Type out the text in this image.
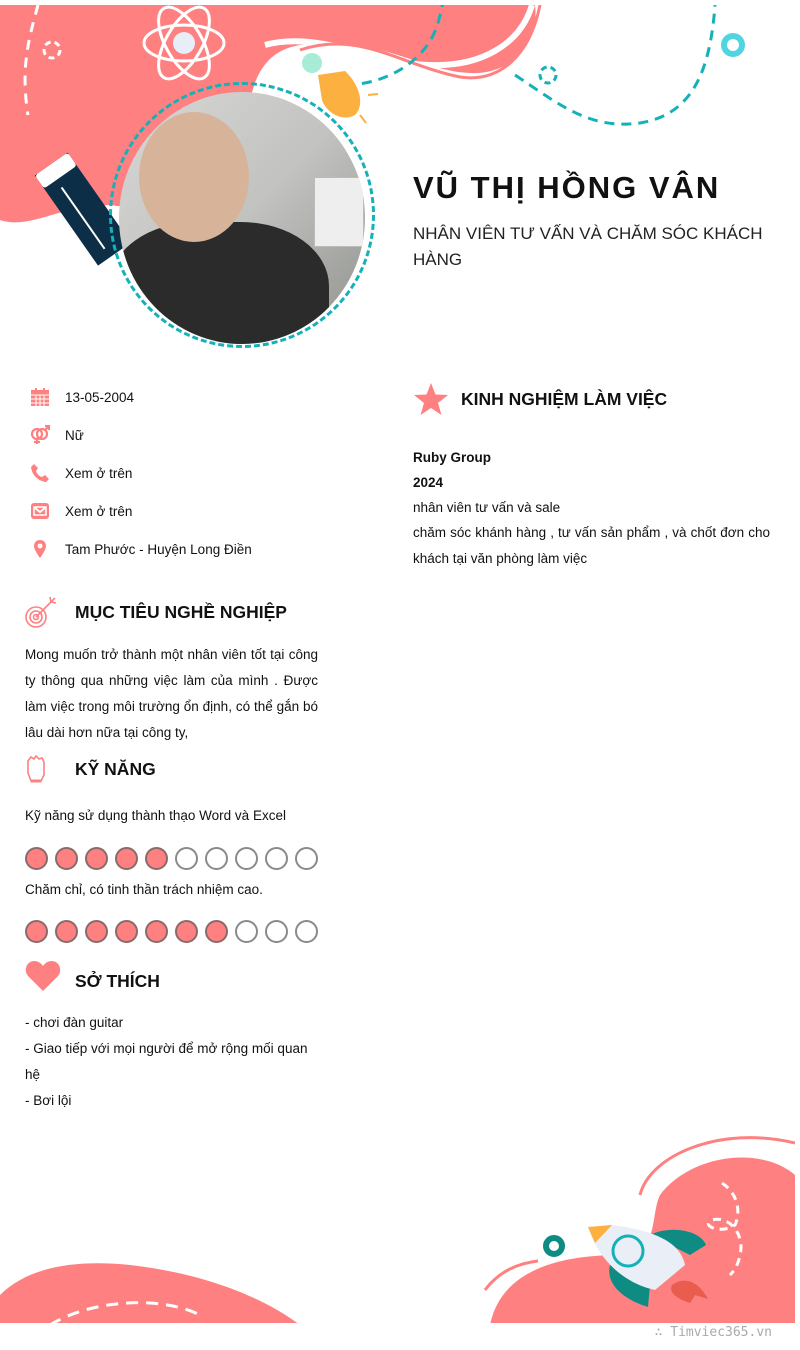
VŨ THỊ HỒNG VÂN
NHÂN VIÊN TƯ VẤN VÀ CHĂM SÓC KHÁCH HÀNG
13-05-2004
Nữ
Xem ở trên
Xem ở trên
Tam Phước - Huyện Long Điền
MỤC TIÊU NGHỀ NGHIỆP
Mong muốn trở thành một nhân viên tốt tại công ty thông qua những việc làm của mình . Được làm việc trong môi trường ổn định, có thể gắn bó lâu dài hơn nữa tại công ty,
KỸ NĂNG
Kỹ năng sử dụng thành thạo Word và Excel
Chăm chỉ, có tinh thần trách nhiệm cao.
SỞ THÍCH
- chơi đàn guitar
- Giao tiếp với mọi người để mở rộng mối quan hệ
- Bơi lội
KINH NGHIỆM LÀM VIỆC
Ruby Group
2024
nhân viên tư vấn và sale
chăm sóc khánh hàng , tư vấn sản phẩm , và chốt đơn cho khách tại văn phòng làm việc
∴ Timviec365.vn
